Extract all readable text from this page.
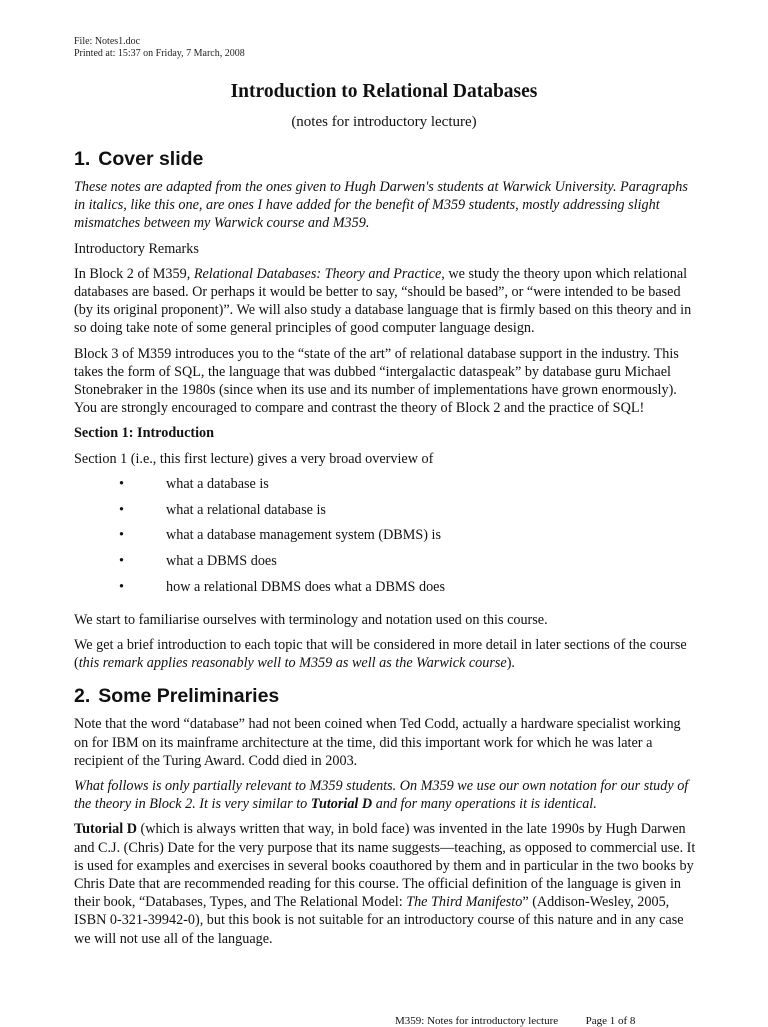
File: Notes1.doc
Printed at: 15:37 on Friday, 7 March, 2008
Introduction to Relational Databases
(notes for introductory lecture)
1. Cover slide

These notes are adapted from the ones given to Hugh Darwen's students at Warwick University. Paragraphs in italics, like this one, are ones I have added for the benefit of M359 students, mostly addressing slight mismatches between my Warwick course and M359.

Introductory Remarks

In Block 2 of M359, Relational Databases: Theory and Practice, we study the theory upon which relational databases are based. Or perhaps it would be better to say, “should be based”, or “were intended to be based (by its original proponent)”. We will also study a database language that is firmly based on this theory and in so doing take note of some general principles of good computer language design.

Block 3 of M359 introduces you to the “state of the art” of relational database support in the industry. This takes the form of SQL, the language that was dubbed “intergalactic dataspeak” by database guru Michael Stonebraker in the 1980s (since when its use and its number of implementations have grown enormously). You are strongly encouraged to compare and contrast the theory of Block 2 and the practice of SQL!

Section 1: Introduction

Section 1 (i.e., this first lecture) gives a very broad overview of

•	what a database is
•	what a relational database is
•	what a database management system (DBMS) is
•	what a DBMS does
•	how a relational DBMS does what a DBMS does

We start to familiarise ourselves with terminology and notation used on this course.

We get a brief introduction to each topic that will be considered in more detail in later sections of the course (this remark applies reasonably well to M359 as well as the Warwick course).

2. Some Preliminaries

Note that the word “database” had not been coined when Ted Codd, actually a hardware specialist working on for IBM on its mainframe architecture at the time, did this important work for which he was later a recipient of the Turing Award. Codd died in 2003.

What follows is only partially relevant to M359 students. On M359 we use our own notation for our study of the theory in Block 2. It is very similar to Tutorial D and for many operations it is identical.

Tutorial D (which is always written that way, in bold face) was invented in the late 1990s by Hugh Darwen and C.J. (Chris) Date for the very purpose that its name suggests—teaching, as opposed to commercial use. It is used for examples and exercises in several books coauthored by them and in particular in the two books by Chris Date that are recommended reading for this course. The official definition of the language is given in their book, “Databases, Types, and The Relational Model: The Third Manifesto” (Addison-Wesley, 2005, ISBN 0-321-39942-0), but this book is not suitable for an introductory course of this nature and in any case we will not use all of the language.

M359: Notes for introductory lecture	Page 1 of 8
